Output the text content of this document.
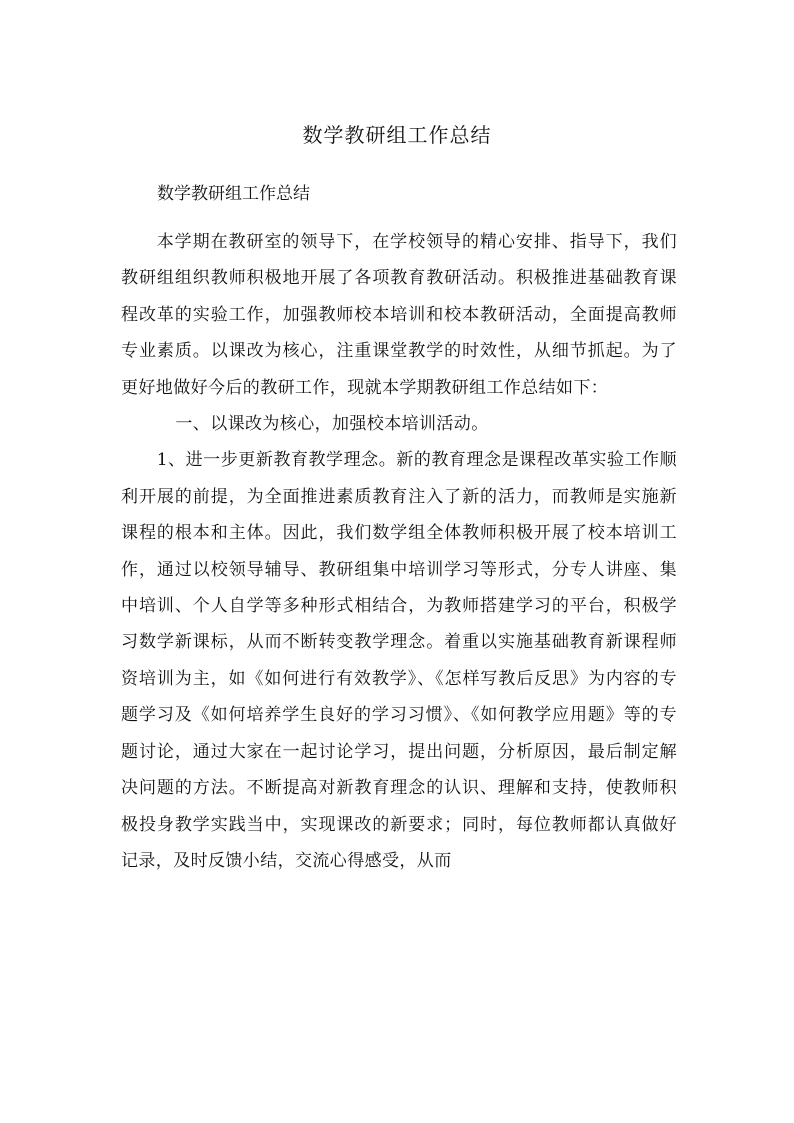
数学教研组工作总结

数学教研组工作总结

本学期在教研室的领导下，在学校领导的精心安排、指导下，我们教研组组织教师积极地开展了各项教育教研活动。积极推进基础教育课程改革的实验工作，加强教师校本培训和校本教研活动，全面提高教师专业素质。以课改为核心，注重课堂教学的时效性，从细节抓起。为了更好地做好今后的教研工作，现就本学期教研组工作总结如下：

一、以课改为核心，加强校本培训活动。

1、进一步更新教育教学理念。新的教育理念是课程改革实验工作顺利开展的前提，为全面推进素质教育注入了新的活力，而教师是实施新课程的根本和主体。因此，我们数学组全体教师积极开展了校本培训工作，通过以校领导辅导、教研组集中培训学习等形式，分专人讲座、集中培训、个人自学等多种形式相结合，为教师搭建学习的平台，积极学习数学新课标，从而不断转变教学理念。着重以实施基础教育新课程师资培训为主，如《如何进行有效教学》、《怎样写教后反思》为内容的专题学习及《如何培养学生良好的学习习惯》、《如何教学应用题》等的专题讨论，通过大家在一起讨论学习，提出问题，分析原因，最后制定解决问题的方法。不断提高对新教育理念的认识、理解和支持，使教师积极投身教学实践当中，实现课改的新要求；同时，每位教师都认真做好记录，及时反馈小结，交流心得感受，从而
